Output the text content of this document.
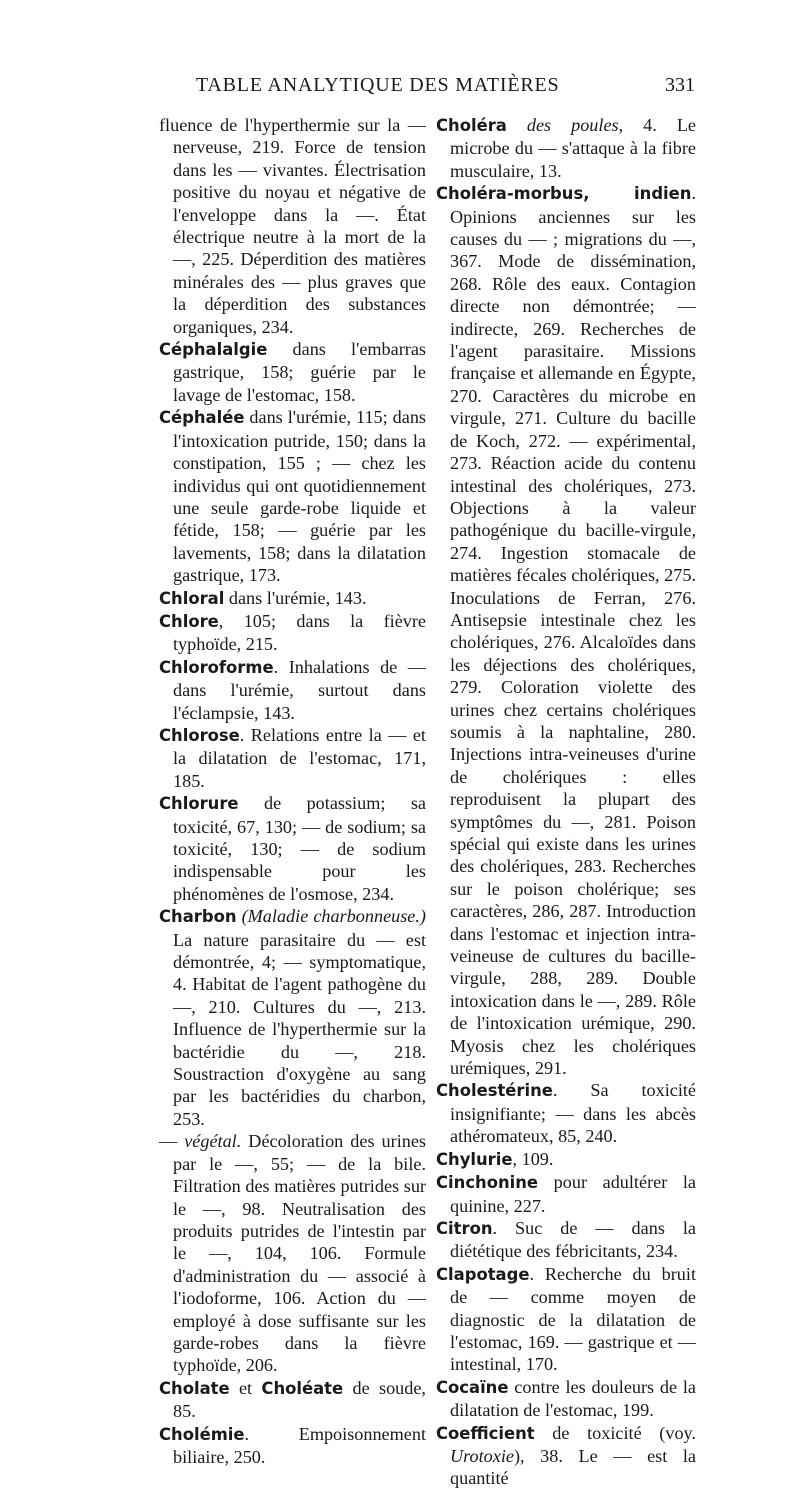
TABLE ANALYTIQUE DES MATIÈRES	331

fluence de l'hyperthermie sur la — nerveuse, 219. Force de tension dans les — vivantes. Électrisation positive du noyau et négative de l'enveloppe dans la —. État électrique neutre à la mort de la —, 225. Déperdition des matières minérales des — plus graves que la déperdition des substances organiques, 234.

Céphalalgie dans l'embarras gastrique, 158; guérie par le lavage de l'estomac, 158.

Céphalée dans l'urémie, 115; dans l'intoxication putride, 150; dans la constipation, 155 ; — chez les individus qui ont quotidiennement une seule garde-robe liquide et fétide, 158; — guérie par les lavements, 158; dans la dilatation gastrique, 173.

Chloral dans l'urémie, 143.

Chlore, 105; dans la fièvre typhoïde, 215.

Chloroforme. Inhalations de — dans l'urémie, surtout dans l'éclampsie, 143.

Chlorose. Relations entre la — et la dilatation de l'estomac, 171, 185.

Chlorure de potassium; sa toxicité, 67, 130; — de sodium; sa toxicité, 130; — de sodium indispensable pour les phénomènes de l'osmose, 234.

Charbon (Maladie charbonneuse.) La nature parasitaire du — est démontrée, 4; — symptomatique, 4. Habitat de l'agent pathogène du —, 210. Cultures du —, 213. Influence de l'hyperthermie sur la bactéridie du —, 218. Soustraction d'oxygène au sang par les bactéridies du charbon, 253.

— végétal. Décoloration des urines par le —, 55; — de la bile. Filtration des matières putrides sur le —, 98. Neutralisation des produits putrides de l'intestin par le —, 104, 106. Formule d'administration du — associé à l'iodoforme, 106. Action du — employé à dose suffisante sur les garde-robes dans la fièvre typhoïde, 206.

Cholate et Choléate de soude, 85.

Cholémie. Empoisonnement biliaire, 250.

Choléra des poules, 4. Le microbe du — s'attaque à la fibre musculaire, 13.

Choléra-morbus, indien. Opinions anciennes sur les causes du — ; migrations du —, 367. Mode de dissémination, 268. Rôle des eaux. Contagion directe non démontrée; — indirecte, 269. Recherches de l'agent parasitaire. Missions française et allemande en Égypte, 270. Caractères du microbe en virgule, 271. Culture du bacille de Koch, 272. — expérimental, 273. Réaction acide du contenu intestinal des cholériques, 273. Objections à la valeur pathogénique du bacille-virgule, 274. Ingestion stomacale de matières fécales cholériques, 275. Inoculations de Ferran, 276. Antisepsie intestinale chez les cholériques, 276. Alcaloïdes dans les déjections des cholériques, 279. Coloration violette des urines chez certains cholériques soumis à la naphtaline, 280. Injections intra-veineuses d'urine de cholériques : elles reproduisent la plupart des symptômes du —, 281. Poison spécial qui existe dans les urines des cholériques, 283. Recherches sur le poison cholérique; ses caractères, 286, 287. Introduction dans l'estomac et injection intra-veineuse de cultures du bacille-virgule, 288, 289. Double intoxication dans le —, 289. Rôle de l'intoxication urémique, 290. Myosis chez les cholériques urémiques, 291.

Cholestérine. Sa toxicité insignifiante; — dans les abcès athéromateux, 85, 240.

Chylurie, 109.

Cinchonine pour adultérer la quinine, 227.

Citron. Suc de — dans la diététique des fébricitants, 234.

Clapotage. Recherche du bruit de — comme moyen de diagnostic de la dilatation de l'estomac, 169. — gastrique et — intestinal, 170.

Cocaïne contre les douleurs de la dilatation de l'estomac, 199.

Coefficient de toxicité (voy. Urotoxie), 38. Le — est la quantité
